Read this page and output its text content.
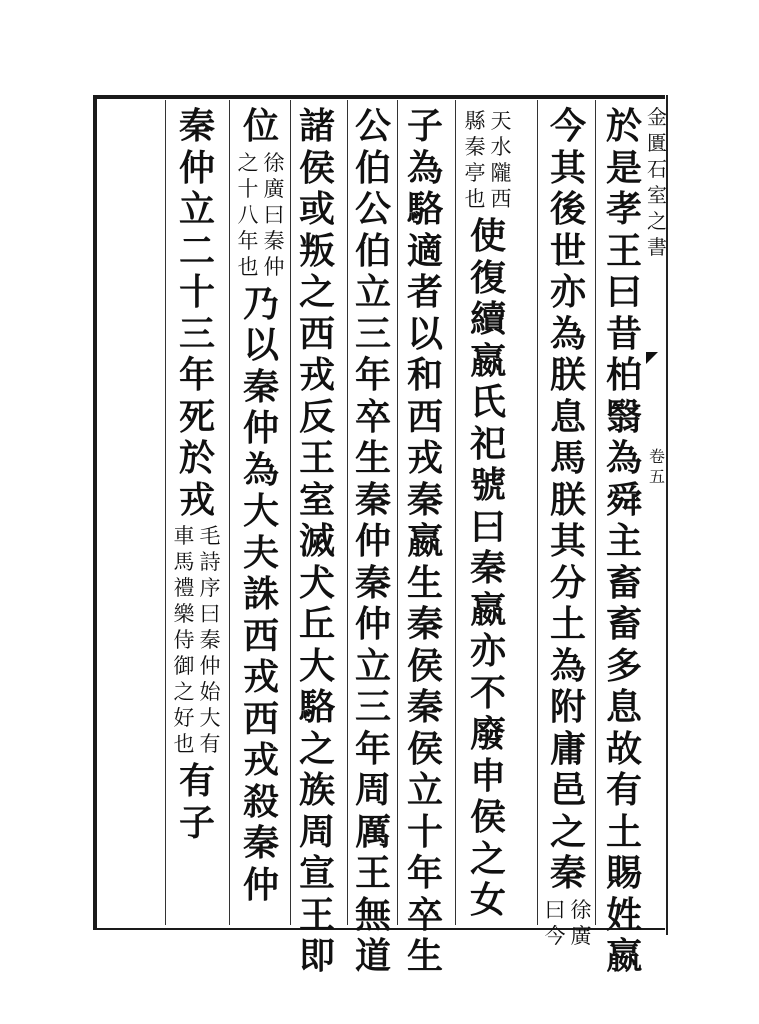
金
匱
石
室
之
書
卷
五
於
是
孝
王
曰
昔
柏
翳
為
舜
主
畜
畜
多
息
故
有
土
賜
姓
嬴
今
其
後
世
亦
為
朕
息
馬
朕
其
分
土
為
附
庸
邑
之
秦
徐
廣
曰
今
天
水
隴
西
縣
秦
亭
也
使
復
續
嬴
氏
祀
號
曰
秦
嬴
亦
不
廢
申
侯
之
女
子
為
駱
適
者
以
和
西
戎
秦
嬴
生
秦
侯
秦
侯
立
十
年
卒
生
公
伯
公
伯
立
三
年
卒
生
秦
仲
秦
仲
立
三
年
周
厲
王
無
道
諸
侯
或
叛
之
西
戎
反
王
室
滅
犬
丘
大
駱
之
族
周
宣
王
即
位
徐
廣
曰
秦
仲
之
十
八
年
也
乃
以
秦
仲
為
大
夫
誅
西
戎
西
戎
殺
秦
仲
秦
仲
立
二
十
三
年
死
於
戎
毛
詩
序
曰
秦
仲
始
大
有
車
馬
禮
樂
侍
御
之
好
也
有
子
